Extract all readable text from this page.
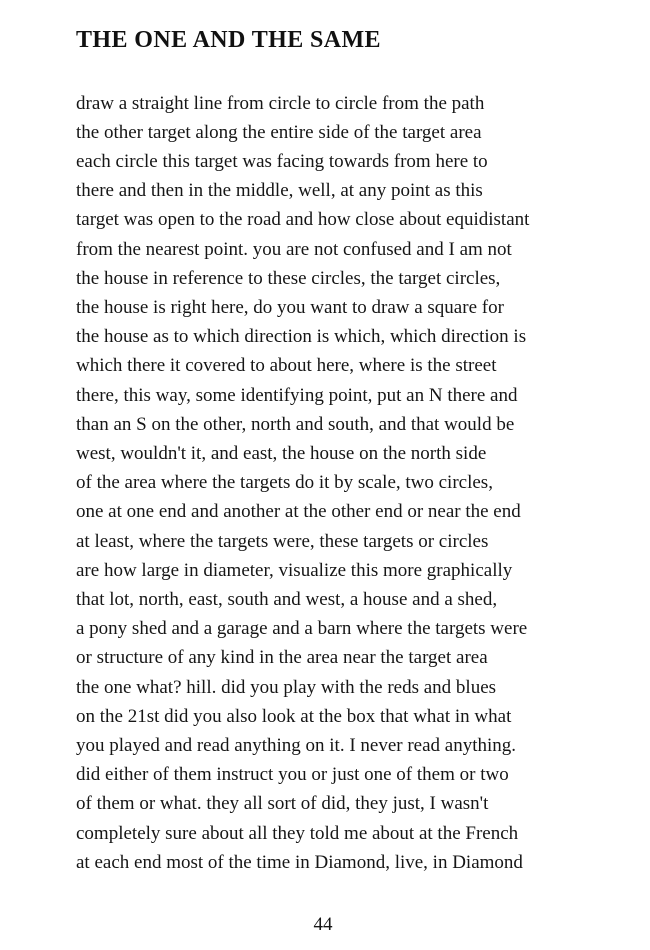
THE ONE AND THE SAME
draw a straight line from circle to circle from the path
the other target along the entire side of the target area
each circle this target was facing towards from here to
there and then in the middle, well, at any point as this
target was open to the road and how close about equidistant
from the nearest point. you are not confused and I am not
the house in reference to these circles, the target circles,
the house is right here, do you want to draw a square for
the house as to which direction is which, which direction is
which there it covered to about here, where is the street
there, this way, some identifying point, put an N there and
than an S on the other, north and south, and that would be
west, wouldn't it, and east, the house on the north side
of the area where the targets do it by scale, two circles,
one at one end and another at the other end or near the end
at least, where the targets were, these targets or circles
are how large in diameter, visualize this more graphically
that lot, north, east, south and west, a house and a shed,
a pony shed and a garage and a barn where the targets were
or structure of any kind in the area near the target area
the one what? hill. did you play with the reds and blues
on the 21st did you also look at the box that what in what
you played and read anything on it. I never read anything.
did either of them instruct you or just one of them or two
of them or what. they all sort of did, they just, I wasn't
completely sure about all they told me about at the French
at each end most of the time in Diamond, live, in Diamond
44
